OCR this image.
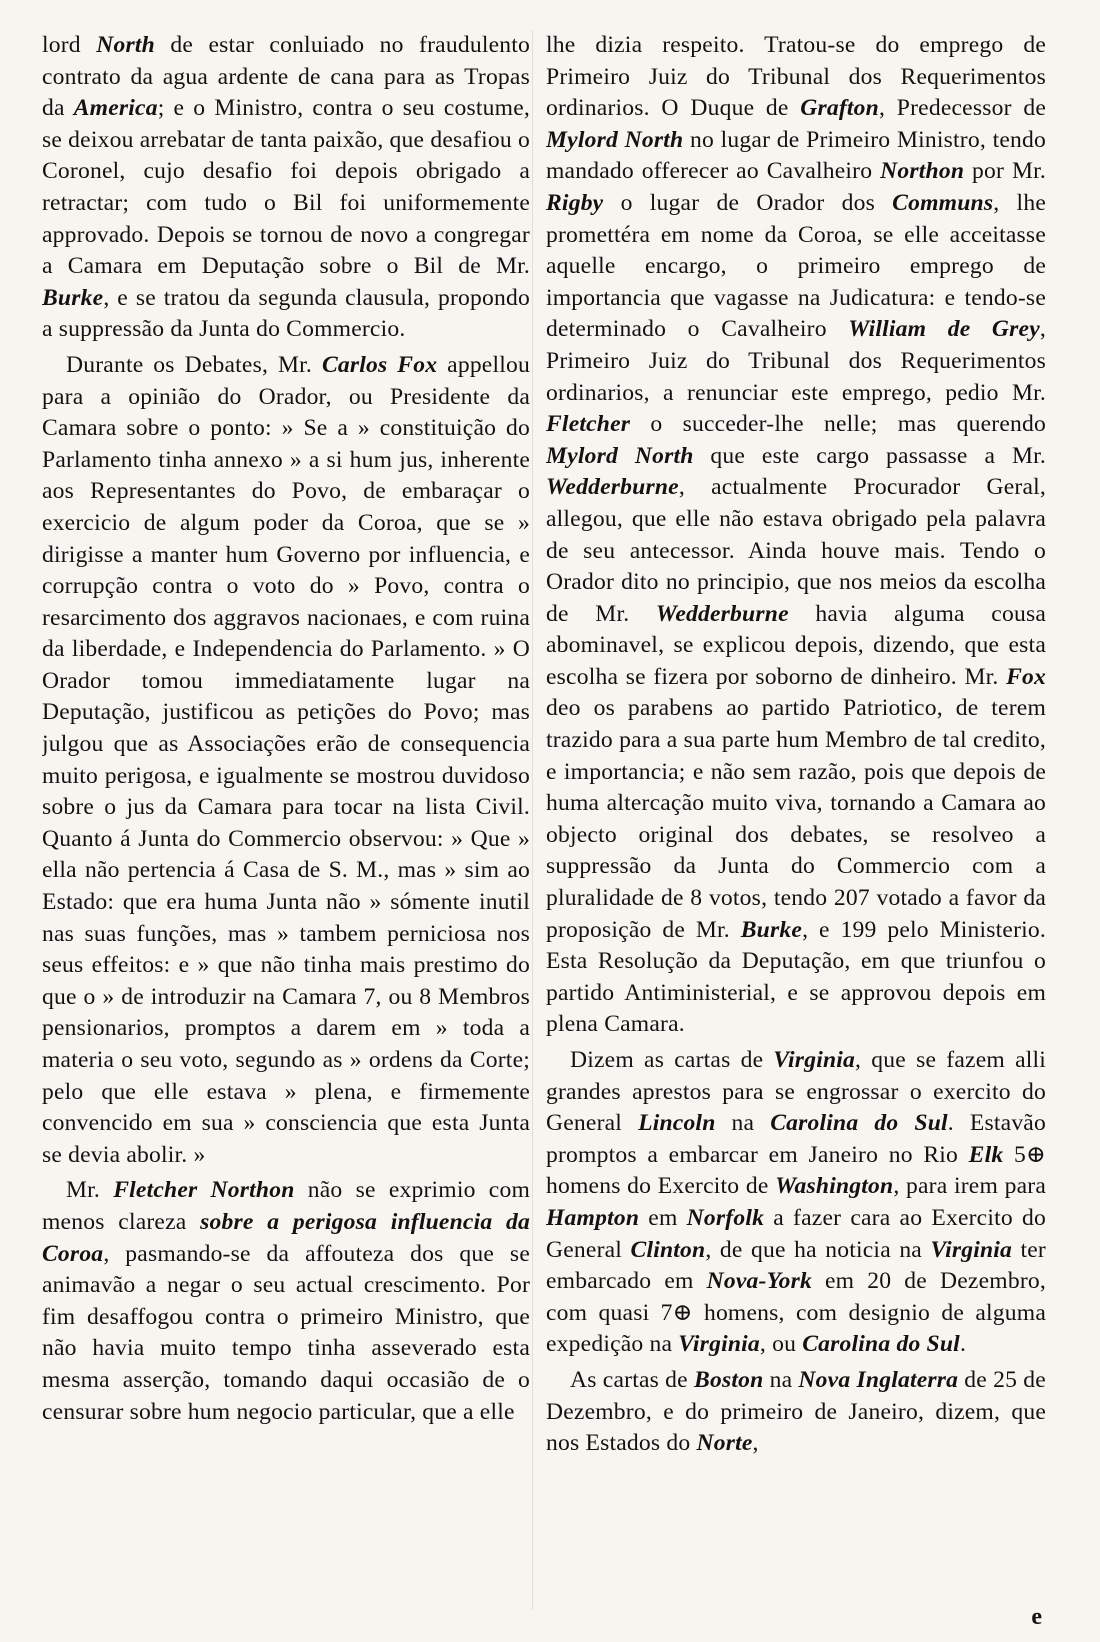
lord North de estar conluiado no fraudulento contrato da agua ardente de cana para as Tropas da America; e o Ministro, contra o seu costume, se deixou arrebatar de tanta paixão, que desafiou o Coronel, cujo desafio foi depois obrigado a retractar; com tudo o Bil foi uniformemente approvado. Depois se tornou de novo a congregar a Camara em Deputação sobre o Bil de Mr. Burke, e se tratou da segunda clausula, propondo a suppressão da Junta do Commercio.

Durante os Debates, Mr. Carlos Fox appellou para a opinião do Orador, ou Presidente da Camara sobre o ponto: » Se a » constituição do Parlamento tinha annexo » a si hum jus, inherente aos Representantes do Povo, de embaraçar o exercicio de algum poder da Coroa, que se » dirigisse a manter hum Governo por influencia, e corrupção contra o voto do » Povo, contra o resarcimento dos aggravos nacionaes, e com ruina da liberdade, e Independencia do Parlamento. » O Orador tomou immediatamente lugar na Deputação, justificou as petições do Povo; mas julgou que as Associações erão de consequencia muito perigosa, e igualmente se mostrou duvidoso sobre o jus da Camara para tocar na lista Civil. Quanto á Junta do Commercio observou: » Que » ella não pertencia á Casa de S. M., mas » sim ao Estado: que era huma Junta não » sómente inutil nas suas funções, mas » tambem perniciosa nos seus effeitos: e » que não tinha mais prestimo do que o » de introduzir na Camara 7, ou 8 Membros pensionarios, promptos a darem em » toda a materia o seu voto, segundo as » ordens da Corte; pelo que elle estava » plena, e firmemente convencido em sua » consciencia que esta Junta se devia abolir. »

Mr. Fletcher Northon não se exprimio com menos clareza sobre a perigosa influencia da Coroa, pasmando-se da affouteza dos que se animavão a negar o seu actual crescimento. Por fim desaffogou contra o primeiro Ministro, que não havia muito tempo tinha asseverado esta mesma asserção, tomando daqui occasião de o censurar sobre hum negocio particular, que a elle

lhe dizia respeito. Tratou-se do emprego de Primeiro Juiz do Tribunal dos Requerimentos ordinarios. O Duque de Grafton, Predecessor de Mylord North no lugar de Primeiro Ministro, tendo mandado offerecer ao Cavalheiro Northon por Mr. Rigby o lugar de Orador dos Communs, lhe promettéra em nome da Coroa, se elle acceitasse aquelle encargo, o primeiro emprego de importancia que vagasse na Judicatura: e tendo-se determinado o Cavalheiro William de Grey, Primeiro Juiz do Tribunal dos Requerimentos ordinarios, a renunciar este emprego, pedio Mr. Fletcher o succeder-lhe nelle; mas querendo Mylord North que este cargo passasse a Mr. Wedderburne, actualmente Procurador Geral, allegou, que elle não estava obrigado pela palavra de seu antecessor. Ainda houve mais. Tendo o Orador dito no principio, que nos meios da escolha de Mr. Wedderburne havia alguma cousa abominavel, se explicou depois, dizendo, que esta escolha se fizera por soborno de dinheiro. Mr. Fox deo os parabens ao partido Patriotico, de terem trazido para a sua parte hum Membro de tal credito, e importancia; e não sem razão, pois que depois de huma altercação muito viva, tornando a Camara ao objecto original dos debates, se resolveo a suppressão da Junta do Commercio com a pluralidade de 8 votos, tendo 207 votado a favor da proposição de Mr. Burke, e 199 pelo Ministerio. Esta Resolução da Deputação, em que triunfou o partido Antiministerial, e se approvou depois em plena Camara.

Dizem as cartas de Virginia, que se fazem alli grandes aprestos para se engrossar o exercito do General Lincoln na Carolina do Sul. Estavão promptos a embarcar em Janeiro no Rio Elk 5⊕ homens do Exercito de Washington, para irem para Hampton em Norfolk a fazer cara ao Exercito do General Clinton, de que ha noticia na Virginia ter embarcado em Nova-York em 20 de Dezembro, com quasi 7⊕ homens, com designio de alguma expedição na Virginia, ou Carolina do Sul.

As cartas de Boston na Nova Inglaterra de 25 de Dezembro, e do primeiro de Janeiro, dizem, que nos Estados do Norte,

e
